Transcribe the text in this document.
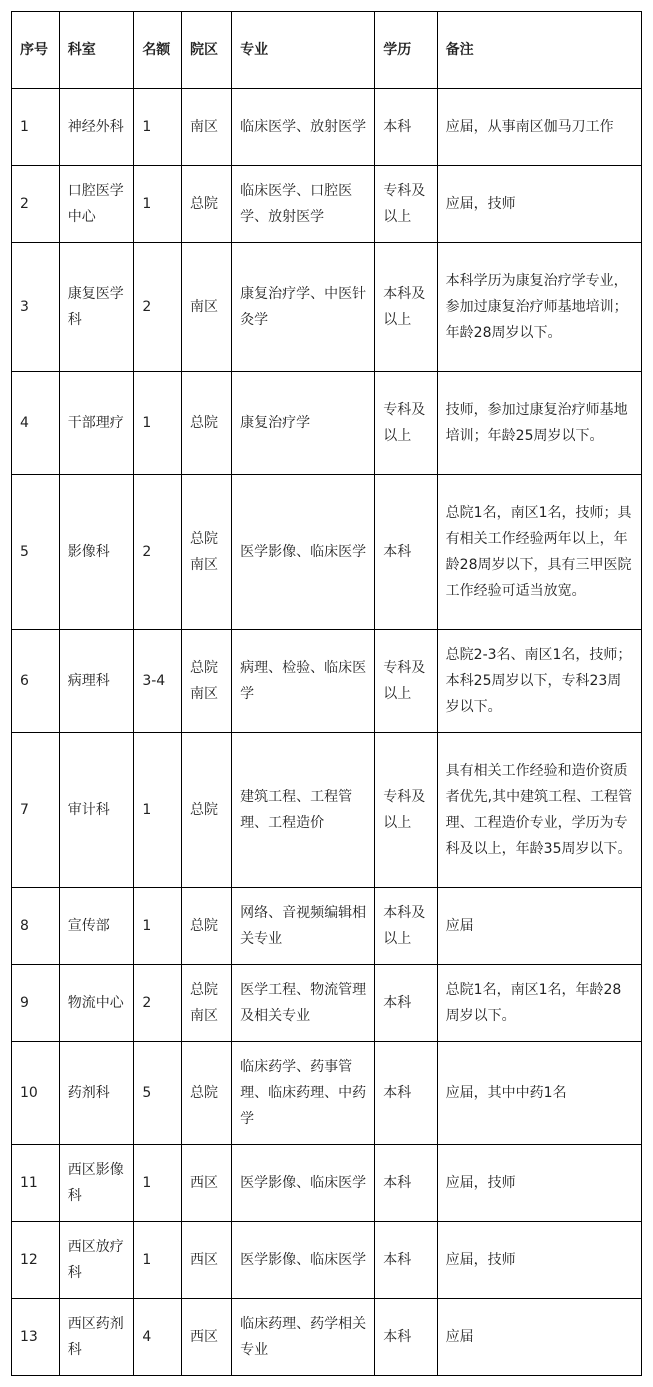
序号	科室	名额	院区	专业	学历	备注
1	神经外科	1	南区	临床医学、放射医学	本科	应届，从事南区伽马刀工作
2	口腔医学中心	1	总院	临床医学、口腔医学、放射医学	专科及以上	应届，技师
3	康复医学科	2	南区	康复治疗学、中医针灸学	本科及以上	本科学历为康复治疗学专业，参加过康复治疗师基地培训；年龄28周岁以下。
4	干部理疗	1	总院	康复治疗学	专科及以上	技师，参加过康复治疗师基地培训；年龄25周岁以下。
5	影像科	2	总院南区	医学影像、临床医学	本科	总院1名，南区1名，技师；具有相关工作经验两年以上，年龄28周岁以下，具有三甲医院工作经验可适当放宽。
6	病理科	3-4	总院南区	病理、检验、临床医学	专科及以上	总院2-3名、南区1名，技师；本科25周岁以下，专科23周岁以下。
7	审计科	1	总院	建筑工程、工程管理、工程造价	专科及以上	具有相关工作经验和造价资质者优先,其中建筑工程、工程管理、工程造价专业，学历为专科及以上，年龄35周岁以下。
8	宣传部	1	总院	网络、音视频编辑相关专业	本科及以上	应届
9	物流中心	2	总院南区	医学工程、物流管理及相关专业	本科	总院1名，南区1名，年龄28周岁以下。
10	药剂科	5	总院	临床药学、药事管理、临床药理、中药学	本科	应届，其中中药1名
11	西区影像科	1	西区	医学影像、临床医学	本科	应届，技师
12	西区放疗科	1	西区	医学影像、临床医学	本科	应届，技师
13	西区药剂科	4	西区	临床药理、药学相关专业	本科	应届
